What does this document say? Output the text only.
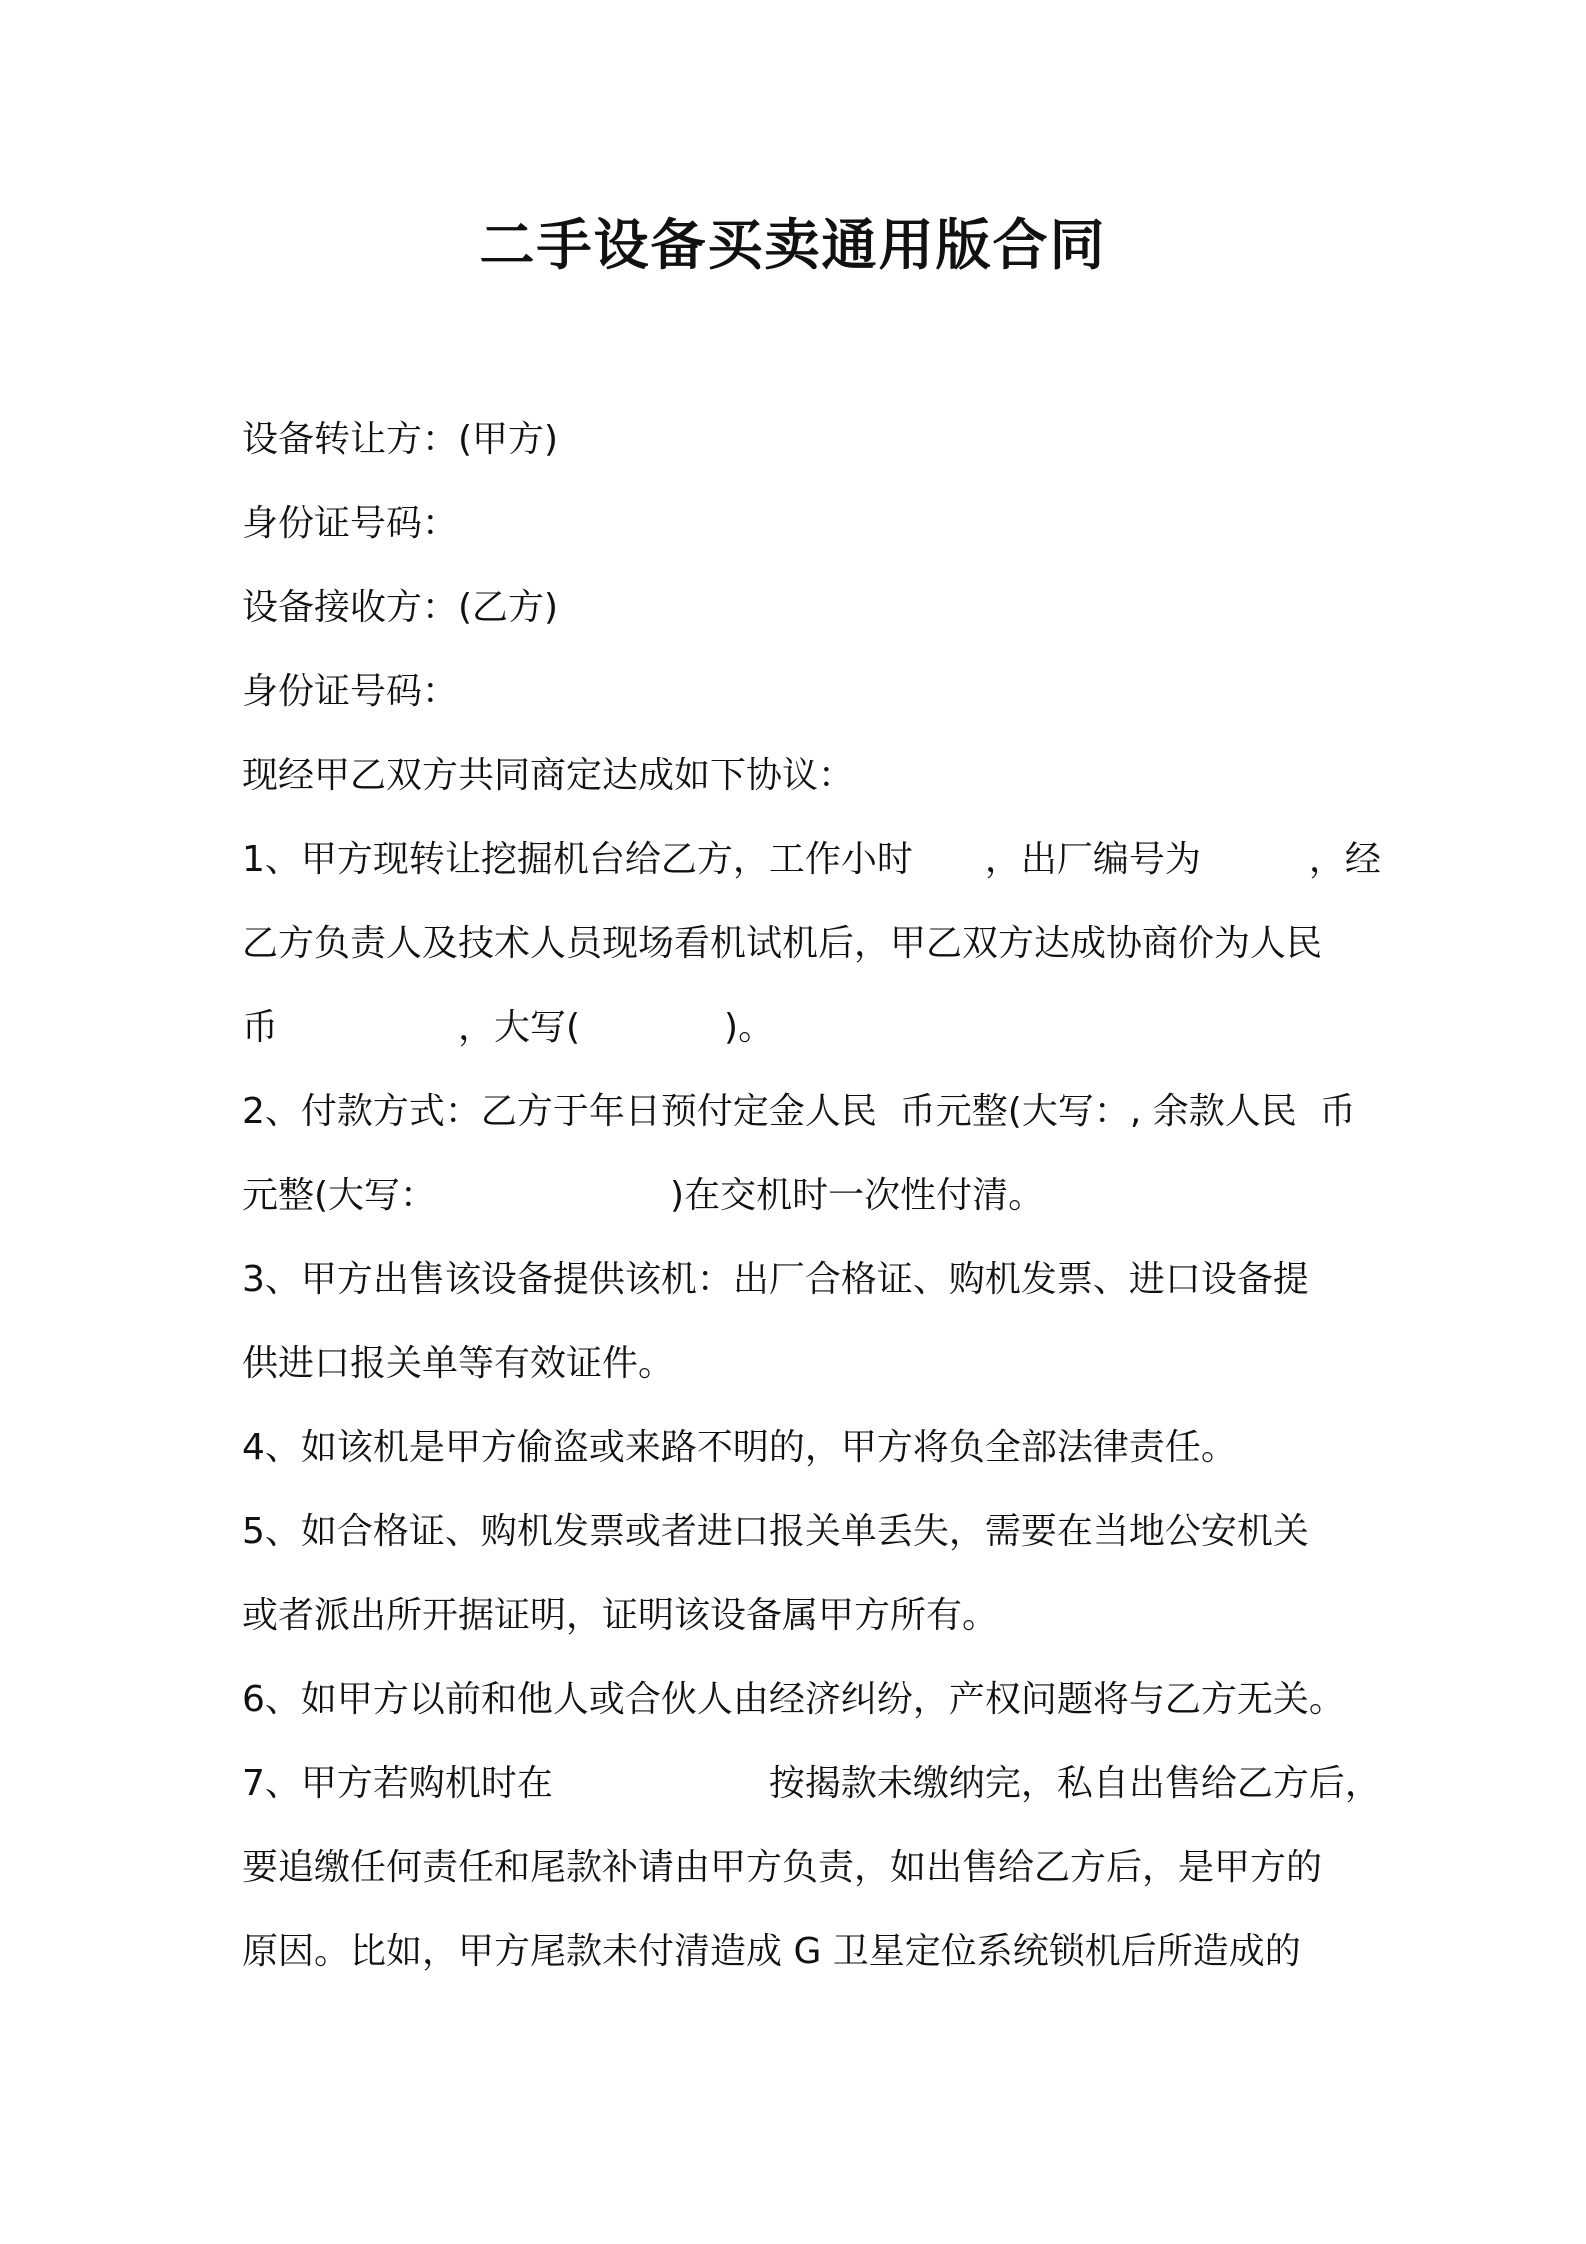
二手设备买卖通用版合同
设备转让方：(甲方)
身份证号码：
设备接收方：(乙方)
身份证号码：
现经甲乙双方共同商定达成如下协议：
1、甲方现转让挖掘机台给乙方，工作小时　　，出厂编号为　　　，经
乙方负责人及技术人员现场看机试机后，甲乙双方达成协商价为人民
币　　　　　，大写(　　　　)。
2、付款方式：乙方于年日预付定金人民  币元整(大写：, 余款人民  币
元整(大写：　　　　　　　)在交机时一次性付清。
3、甲方出售该设备提供该机：出厂合格证、购机发票、进口设备提
供进口报关单等有效证件。
4、如该机是甲方偷盗或来路不明的，甲方将负全部法律责任。
5、如合格证、购机发票或者进口报关单丢失，需要在当地公安机关
或者派出所开据证明，证明该设备属甲方所有。
6、如甲方以前和他人或合伙人由经济纠纷，产权问题将与乙方无关。
7、甲方若购机时在　　　　　　按揭款未缴纳完，私自出售给乙方后，
要追缴任何责任和尾款补请由甲方负责，如出售给乙方后，是甲方的
原因。比如，甲方尾款未付清造成 G 卫星定位系统锁机后所造成的
